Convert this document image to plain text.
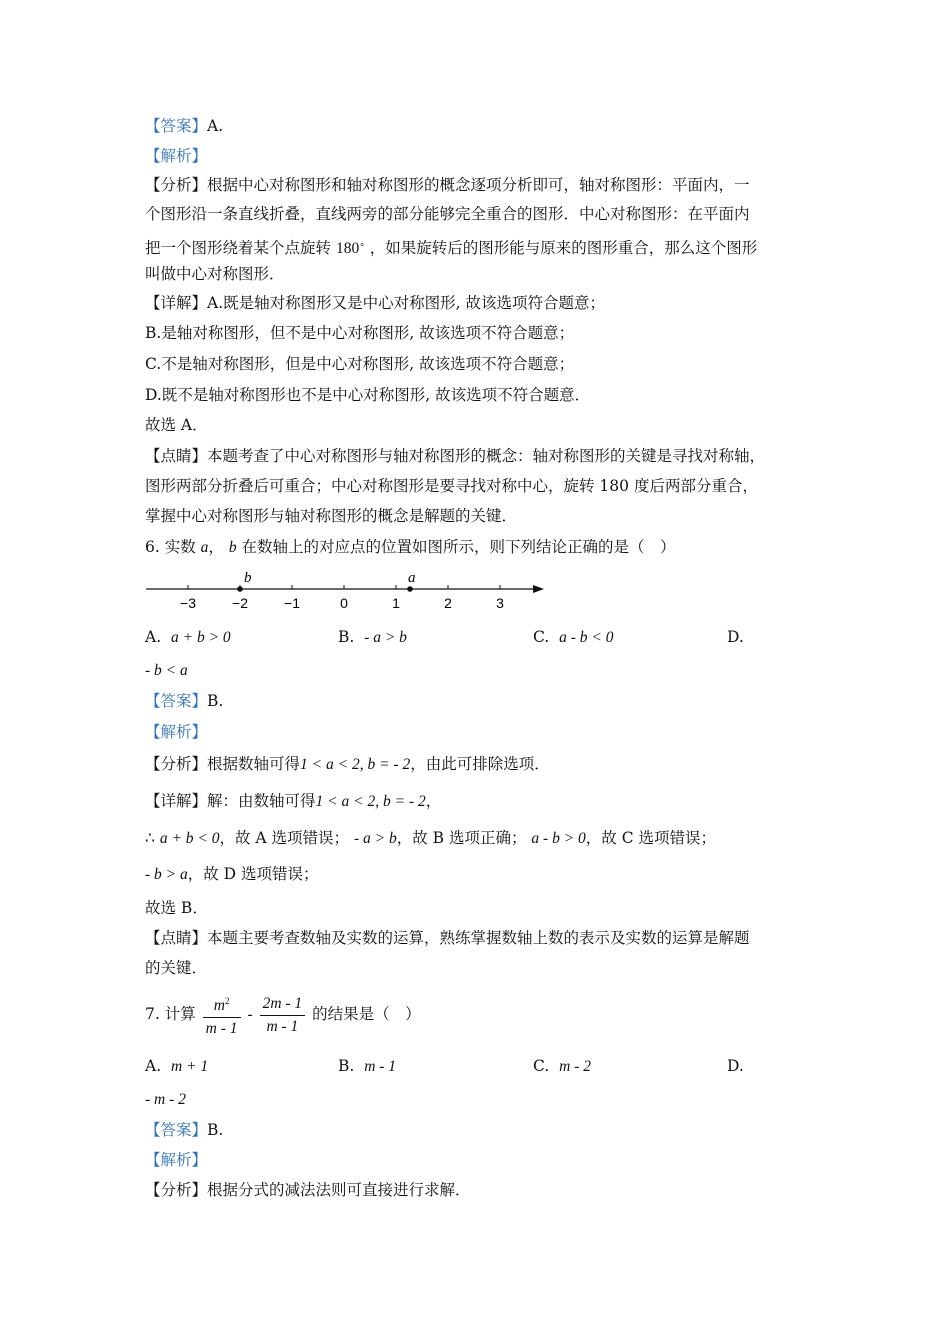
【答案】A.
【解析】
【分析】根据中心对称图形和轴对称图形的概念逐项分析即可，轴对称图形：平面内，一
个图形沿一条直线折叠，直线两旁的部分能够完全重合的图形．中心对称图形：在平面内
把一个图形绕着某个点旋转 180∘ ，如果旋转后的图形能与原来的图形重合，那么这个图形
叫做中心对称图形．
【详解】A.既是轴对称图形又是中心对称图形, 故该选项符合题意；
B.是轴对称图形，但不是中心对称图形, 故该选项不符合题意；
C.不是轴对称图形，但是中心对称图形, 故该选项不符合题意；
D.既不是轴对称图形也不是中心对称图形, 故该选项不符合题意．
故选 A．
【点睛】本题考查了中心对称图形与轴对称图形的概念：轴对称图形的关键是寻找对称轴，
图形两部分折叠后可重合；中心对称图形是要寻找对称中心，旋转 180 度后两部分重合，
掌握中心对称图形与轴对称图形的概念是解题的关键．
6. 实数 a， b 在数轴上的对应点的位置如图所示，则下列结论正确的是（　）
−3	−2	−1	0	1	2	3
b	a
A. a + b > 0	B. - a > b	C. a - b < 0	D.
- b < a
【答案】B.
【解析】
【分析】根据数轴可得1 < a < 2, b = - 2，由此可排除选项．
【详解】解：由数轴可得1 < a < 2, b = - 2，
∴ a + b < 0，故 A 选项错误； - a > b，故 B 选项正确； a - b > 0，故 C 选项错误；
- b > a，故 D 选项错误；
故选 B．
【点睛】本题主要考查数轴及实数的运算，熟练掌握数轴上数的表示及实数的运算是解题
的关键．
7. 计算 $\frac{m^2}{m - 1} - \frac{2m - 1}{m - 1}$ 的结果是（　）
A. m + 1	B. m - 1	C. m - 2	D.
- m - 2
【答案】B.
【解析】
【分析】根据分式的减法法则可直接进行求解．
